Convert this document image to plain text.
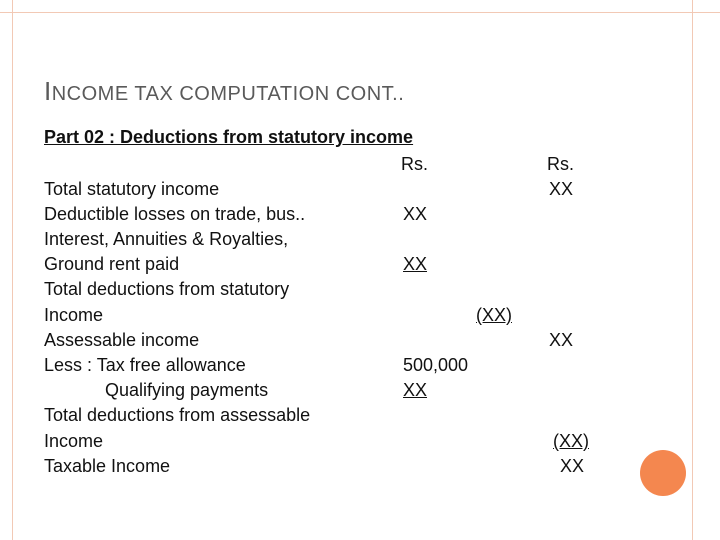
INCOME TAX COMPUTATION CONT..
Part 02 : Deductions from statutory income
Rs.	Rs.
Total statutory income
Deductible losses on trade, bus..
Interest, Annuities & Royalties,
Ground rent paid
Total deductions from statutory
Income
Assessable income
Less : Tax free allowance
Qualifying payments
Total deductions from assessable
Income
Taxable Income
XX
XX
XX
(XX)
XX
500,000
XX
(XX)
XX
